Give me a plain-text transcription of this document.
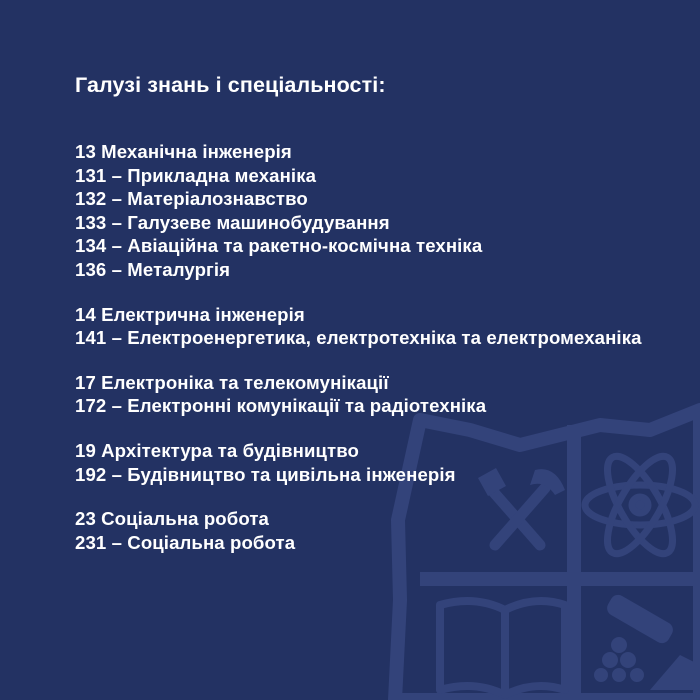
Галузі знань і спеціальності:
13 Механічна інженерія
131 – Прикладна механіка
132 – Матеріалознавство
133 – Галузеве машинобудування
134 – Авіаційна та ракетно-космічна техніка
136 – Металургія
14 Електрична інженерія
141 – Електроенергетика, електротехніка та електромеханіка
17 Електроніка та телекомунікації
172 – Електронні комунікації та радіотехніка
19 Архітектура та будівництво
192 – Будівництво та цивільна інженерія
23 Соціальна робота
231 – Соціальна робота
